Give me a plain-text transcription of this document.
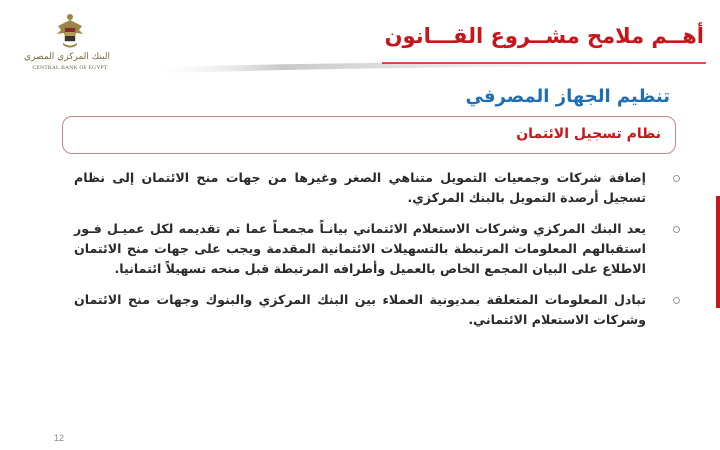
البنك المركزي المصري
CENTRAL BANK OF EGYPT
أهــم ملامح مشــروع القـــانون
تنظيم الجهاز المصرفي
نظام تسجيل الائتمان
إضافة شركات وجمعيات التمويل متناهي الصغر وغيرها من جهات منح الائتمان إلى نظام تسجيل أرصدة التمويل بالبنك المركزي.
يعد البنك المركزي وشركات الاستعلام الائتماني بيانـاً مجمعـاً عما تم تقديمه لكل عميـل فـور استقبالهم المعلومات المرتبطة بالتسهيلات الائتمانية المقدمة ويجب على جهات منح الائتمان الاطلاع على البيان المجمع الخاص بالعميل وأطرافه المرتبطة قبل منحه تسهيلاً ائتمانيا.
تبادل المعلومات المتعلقة بمديونية العملاء بين البنك المركزي والبنوك وجهات منح الائتمان وشركات الاستعلام الائتماني.
12
